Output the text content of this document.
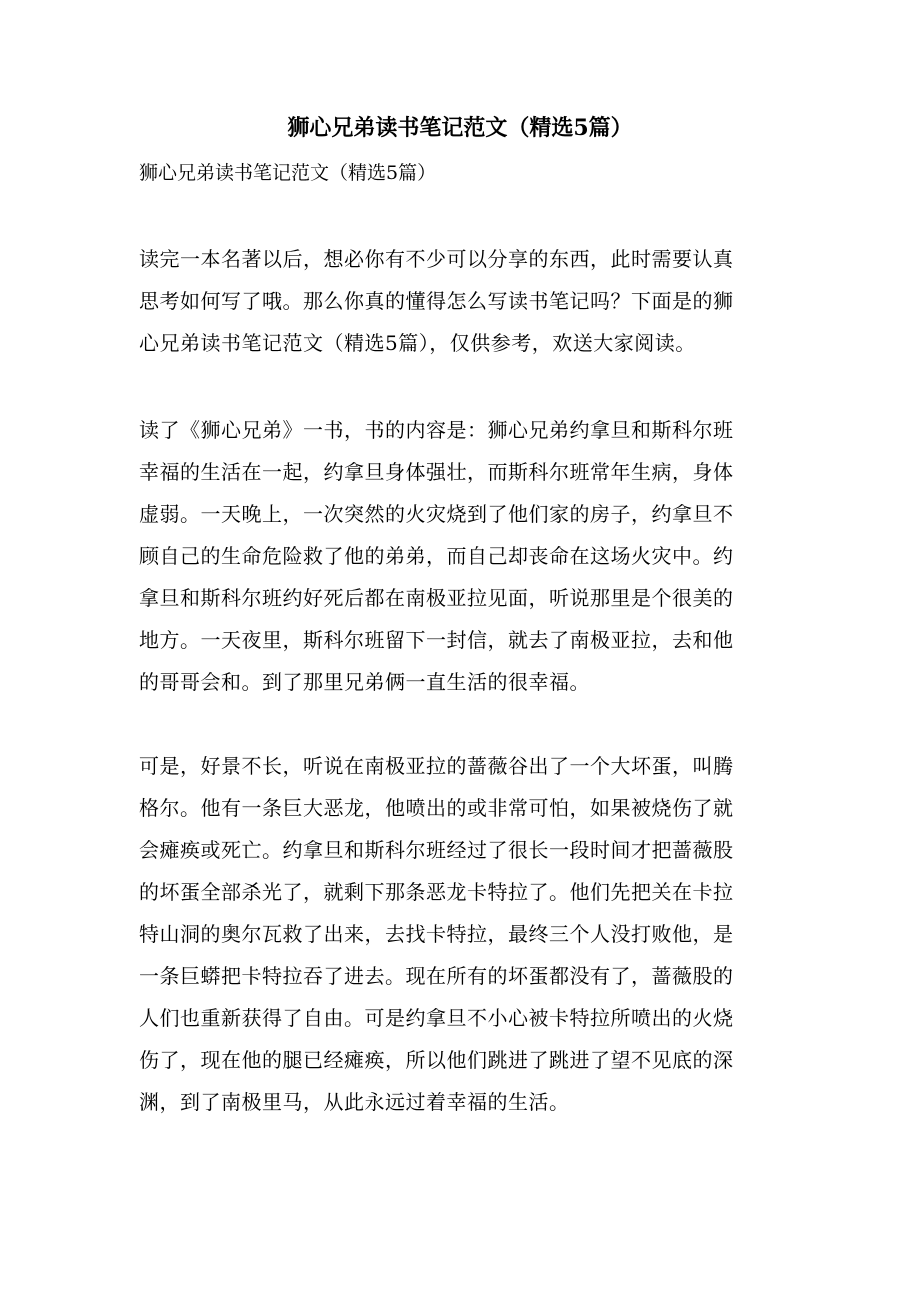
狮心兄弟读书笔记范文（精选5篇）

狮心兄弟读书笔记范文（精选5篇）

读完一本名著以后，想必你有不少可以分享的东西，此时需要认真
思考如何写了哦。那么你真的懂得怎么写读书笔记吗？下面是的狮
心兄弟读书笔记范文（精选5篇），仅供参考，欢送大家阅读。
读了《狮心兄弟》一书，书的内容是：狮心兄弟约拿旦和斯科尔班
幸福的生活在一起，约拿旦身体强壮，而斯科尔班常年生病，身体
虚弱。一天晚上，一次突然的火灾烧到了他们家的房子，约拿旦不
顾自己的生命危险救了他的弟弟，而自己却丧命在这场火灾中。约
拿旦和斯科尔班约好死后都在南极亚拉见面，听说那里是个很美的
地方。一天夜里，斯科尔班留下一封信，就去了南极亚拉，去和他
的哥哥会和。到了那里兄弟俩一直生活的很幸福。
可是，好景不长，听说在南极亚拉的蔷薇谷出了一个大坏蛋，叫腾
格尔。他有一条巨大恶龙，他喷出的或非常可怕，如果被烧伤了就
会瘫痪或死亡。约拿旦和斯科尔班经过了很长一段时间才把蔷薇股
的坏蛋全部杀光了，就剩下那条恶龙卡特拉了。他们先把关在卡拉
特山洞的奥尔瓦救了出来，去找卡特拉，最终三个人没打败他，是
一条巨蟒把卡特拉吞了进去。现在所有的坏蛋都没有了，蔷薇股的
人们也重新获得了自由。可是约拿旦不小心被卡特拉所喷出的火烧
伤了，现在他的腿已经瘫痪，所以他们跳进了跳进了望不见底的深
渊，到了南极里马，从此永远过着幸福的生活。
